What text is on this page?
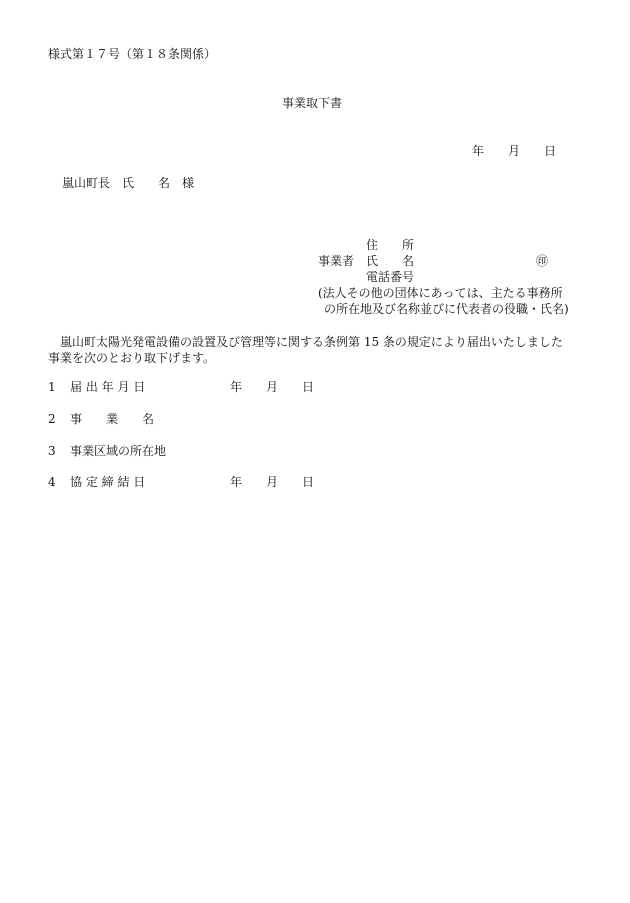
様式第１７号（第１８条関係）
事業取下書
年　　月　　日
嵐山町長　氏　　名　様
住　　所
事業者 氏　　名	㊞
電話番号
(法人その他の団体にあっては、主たる事務所
の所在地及び名称並びに代表者の役職・氏名)
嵐山町太陽光発電設備の設置及び管理等に関する条例第 15 条の規定により届出いたしました
事業を次のとおり取下げます。
1 届 出 年 月 日	年　　月　　日
2 事　　業　　名
3 事業区域の所在地
4 協 定 締 結 日	年　　月　　日
